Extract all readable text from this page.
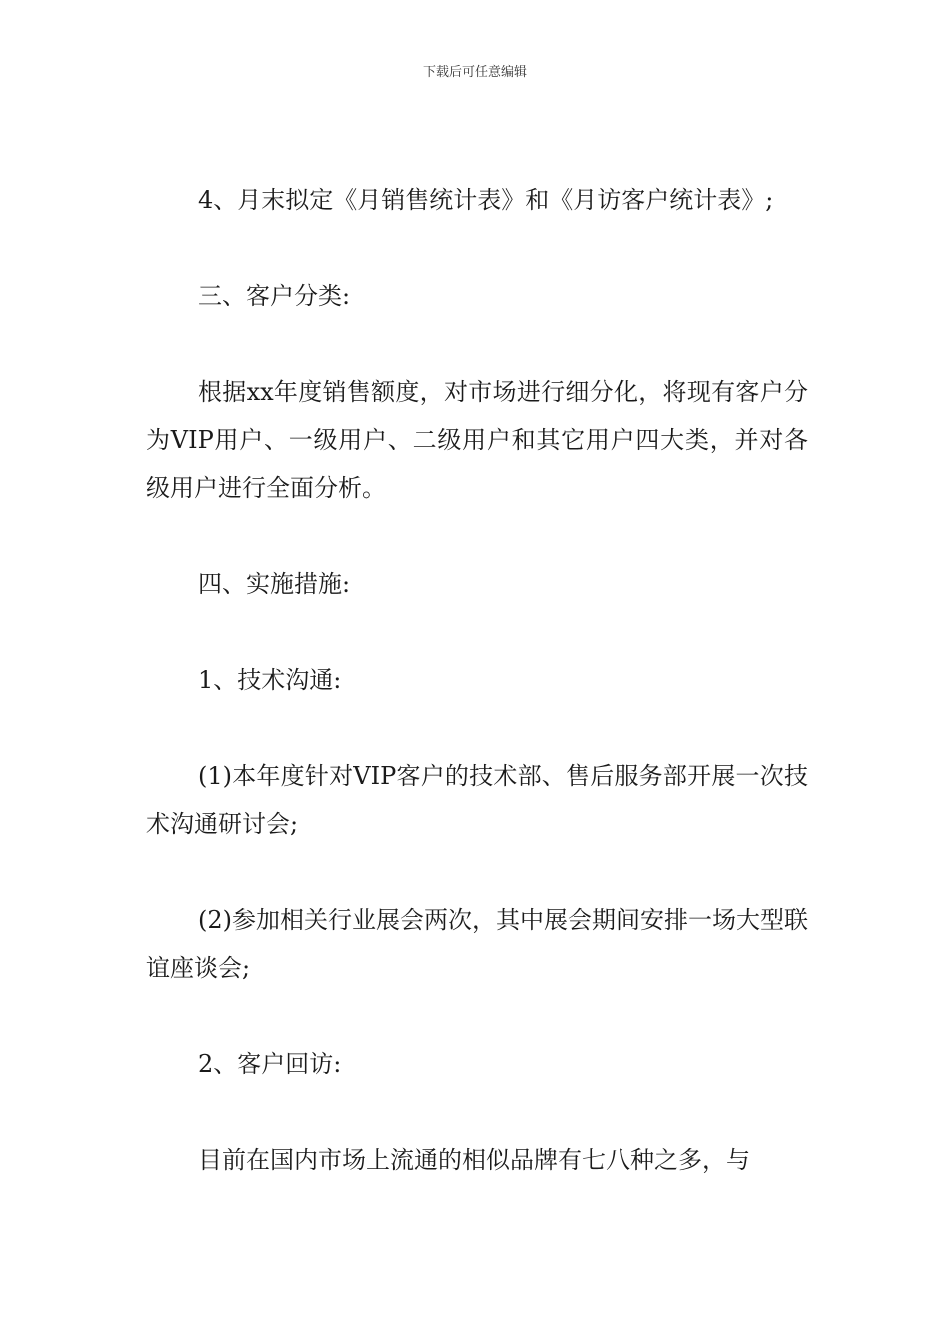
下载后可任意编辑

4、月末拟定《月销售统计表》和《月访客户统计表》;

三、客户分类:

根据xx年度销售额度，对市场进行细分化，将现有客户分为VIP用户、一级用户、二级用户和其它用户四大类，并对各级用户进行全面分析。

四、实施措施:

1、技术沟通:

(1)本年度针对VIP客户的技术部、售后服务部开展一次技术沟通研讨会;

(2)参加相关行业展会两次，其中展会期间安排一场大型联谊座谈会;

2、客户回访:

目前在国内市场上流通的相似品牌有七八种之多，与
